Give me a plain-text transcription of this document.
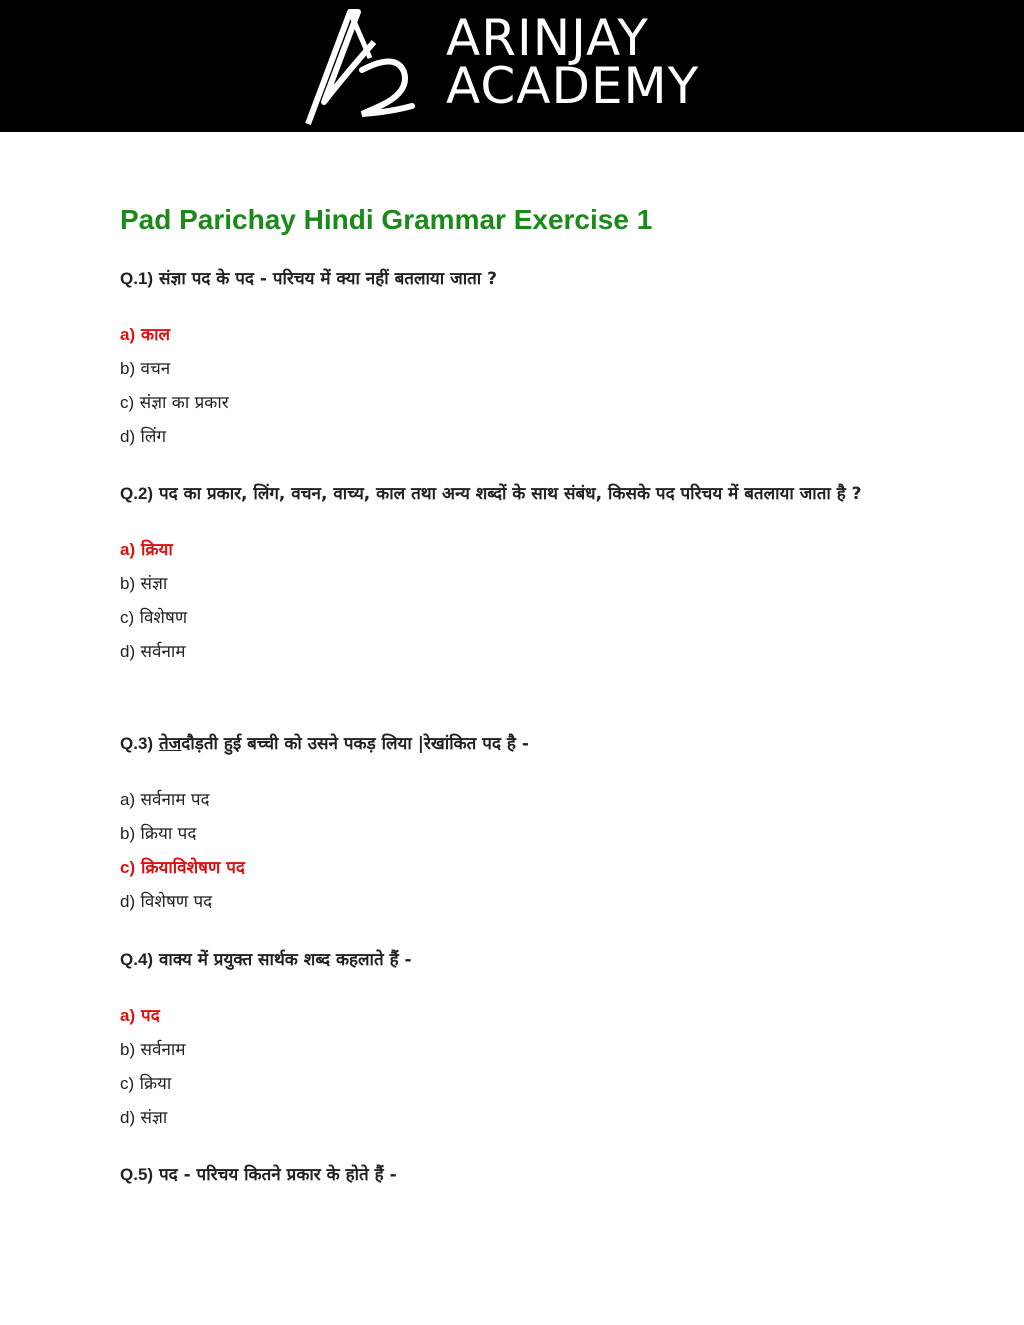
ARINJAY
ACADEMY
Pad Parichay Hindi Grammar Exercise 1

Q.1) संज्ञा पद के पद - परिचय में क्या नहीं बतलाया जाता ?

a) काल
b) वचन
c) संज्ञा का प्रकार
d) लिंग

Q.2) पद का प्रकार, लिंग, वचन, वाच्य, काल तथा अन्य शब्दों के साथ संबंध, किसके पद परिचय में बतलाया जाता है ?

a) क्रिया
b) संज्ञा
c) विशेषण
d) सर्वनाम

Q.3) तेजदौड़ती हुई बच्ची को उसने पकड़ लिया |रेखांकित पद है -

a) सर्वनाम पद
b) क्रिया पद
c) क्रियाविशेषण पद
d) विशेषण पद

Q.4) वाक्य में प्रयुक्त सार्थक शब्द कहलाते हैं -

a) पद
b) सर्वनाम
c) क्रिया
d) संज्ञा

Q.5) पद - परिचय कितने प्रकार के होते हैं -
